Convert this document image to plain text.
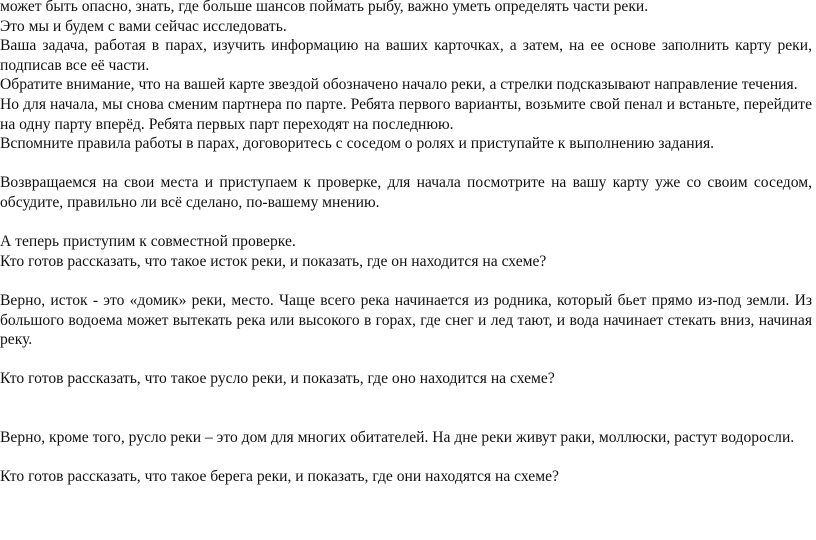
может быть опасно, знать, где больше шансов поймать рыбу, важно уметь определять части реки.

Это мы и будем с вами сейчас исследовать.

Ваша задача, работая в парах, изучить информацию на ваших карточках, а затем, на ее основе заполнить карту реки, подписав все её части.

Обратите внимание, что на вашей карте звездой обозначено начало реки, а стрелки подсказывают направление течения.

Но для начала, мы снова сменим партнера по парте. Ребята первого варианты, возьмите свой пенал и встаньте, перейдите на одну парту вперёд. Ребята первых парт переходят на последнюю.

Вспомните правила работы в парах, договоритесь с соседом о ролях и приступайте к выполнению задания.

Возвращаемся на свои места и приступаем к проверке, для начала посмотрите на вашу карту уже со своим соседом, обсудите, правильно ли всё сделано, по-вашему мнению.

А теперь приступим к совместной проверке.

Кто готов рассказать, что такое исток реки, и показать, где он находится на схеме?

Верно, исток - это «домик» реки, место. Чаще всего река начинается из родника, который бьет прямо из-под земли. Из большого водоема может вытекать река или высокого в горах, где снег и лед тают, и вода начинает стекать вниз, начиная реку.

Кто готов рассказать, что такое русло реки, и показать, где оно находится на схеме?

Верно, кроме того, русло реки – это дом для многих обитателей. На дне реки живут раки, моллюски, растут водоросли.

Кто готов рассказать, что такое берега реки, и показать, где они находятся на схеме?
